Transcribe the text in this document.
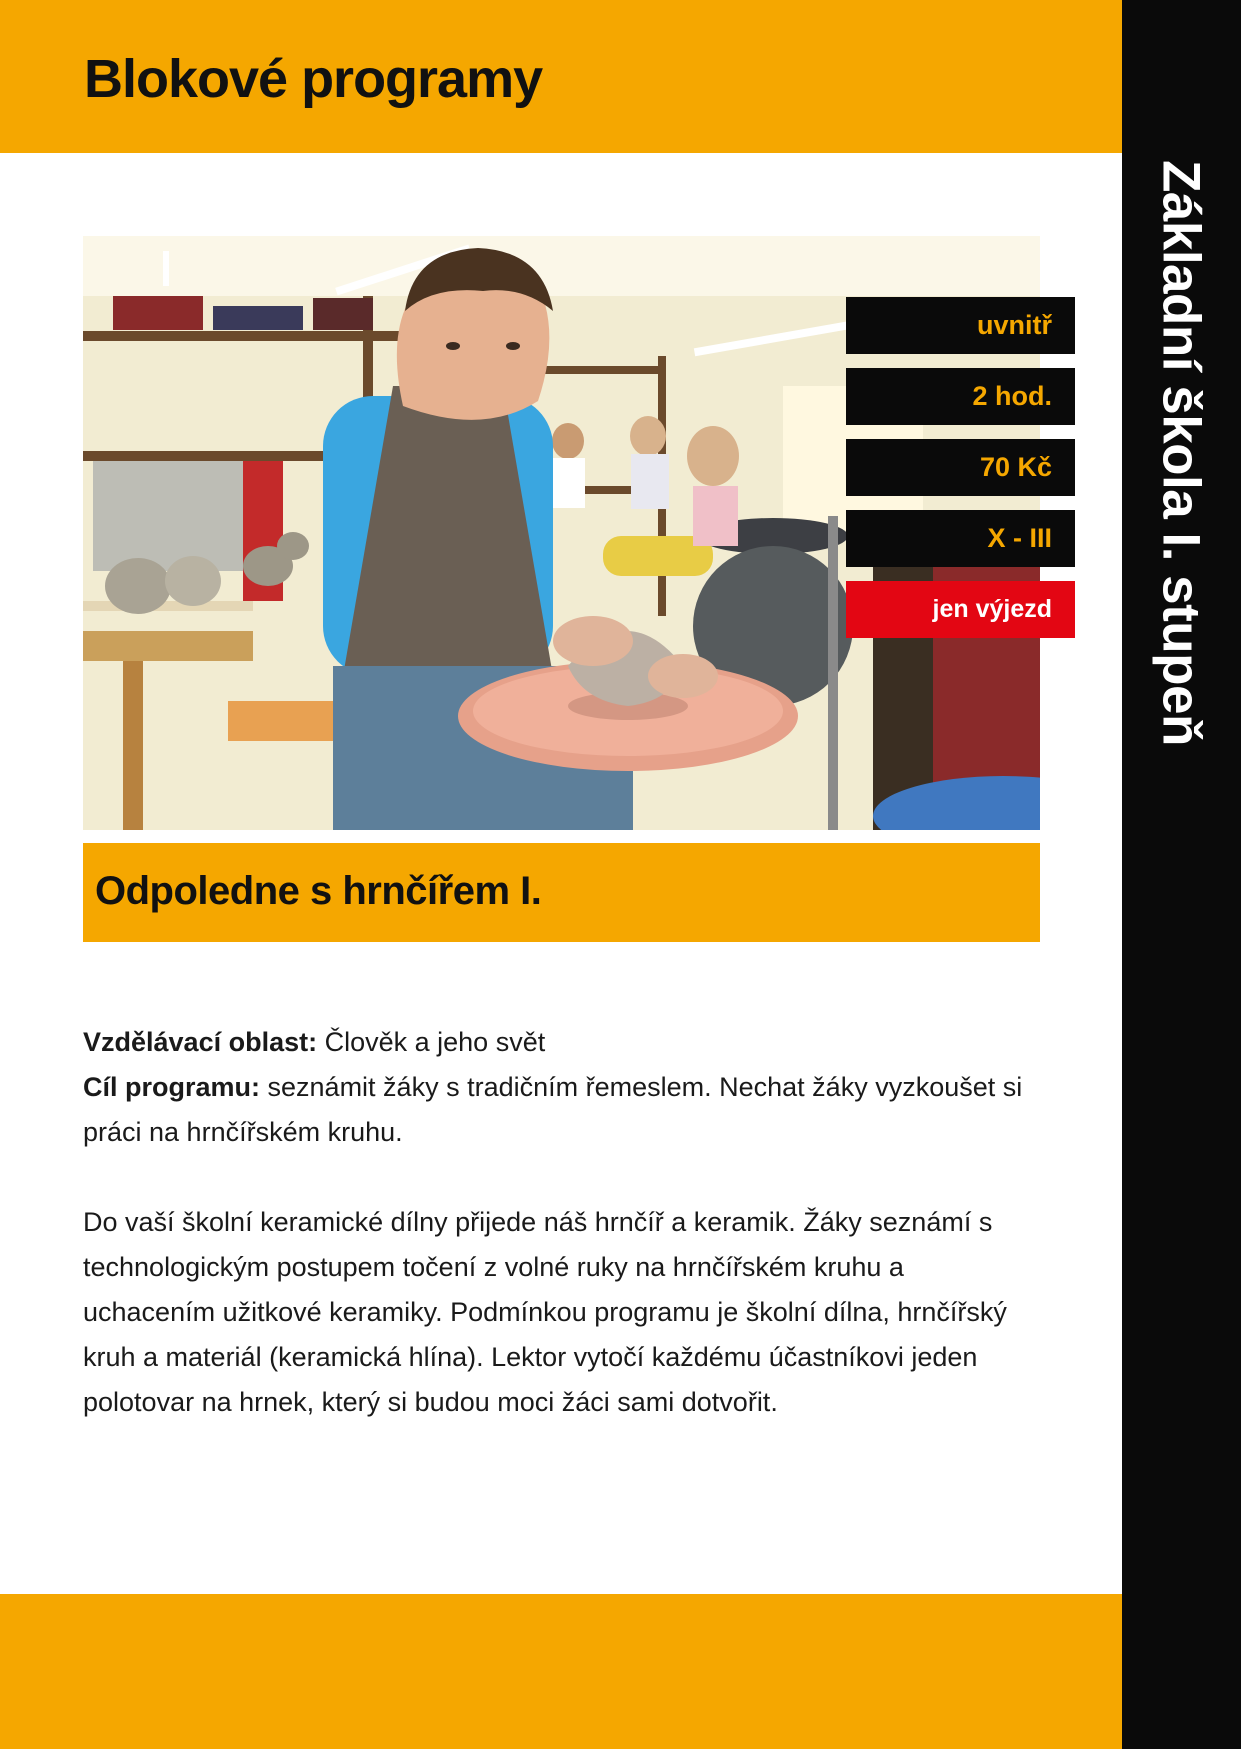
Blokové programy
Základní škola I. stupeň
uvnitř
2 hod.
70 Kč
X - III
jen výjezd
Odpoledne s hrnčířem I.

Vzdělávací oblast: Člověk a jeho svět

Cíl programu: seznámit žáky s tradičním řemeslem. Nechat žáky vyzkoušet si práci na hrnčířském kruhu.

Do vaší školní keramické dílny přijede náš hrnčíř a keramik. Žáky seznámí s technologickým postupem točení z volné ruky na hrnčířském kruhu a uchacením užitkové keramiky. Podmínkou programu je školní dílna, hrnčířský kruh a materiál (keramická hlína). Lektor vytočí každému účastníkovi jeden polotovar na hrnek, který si budou moci žáci sami dotvořit.
